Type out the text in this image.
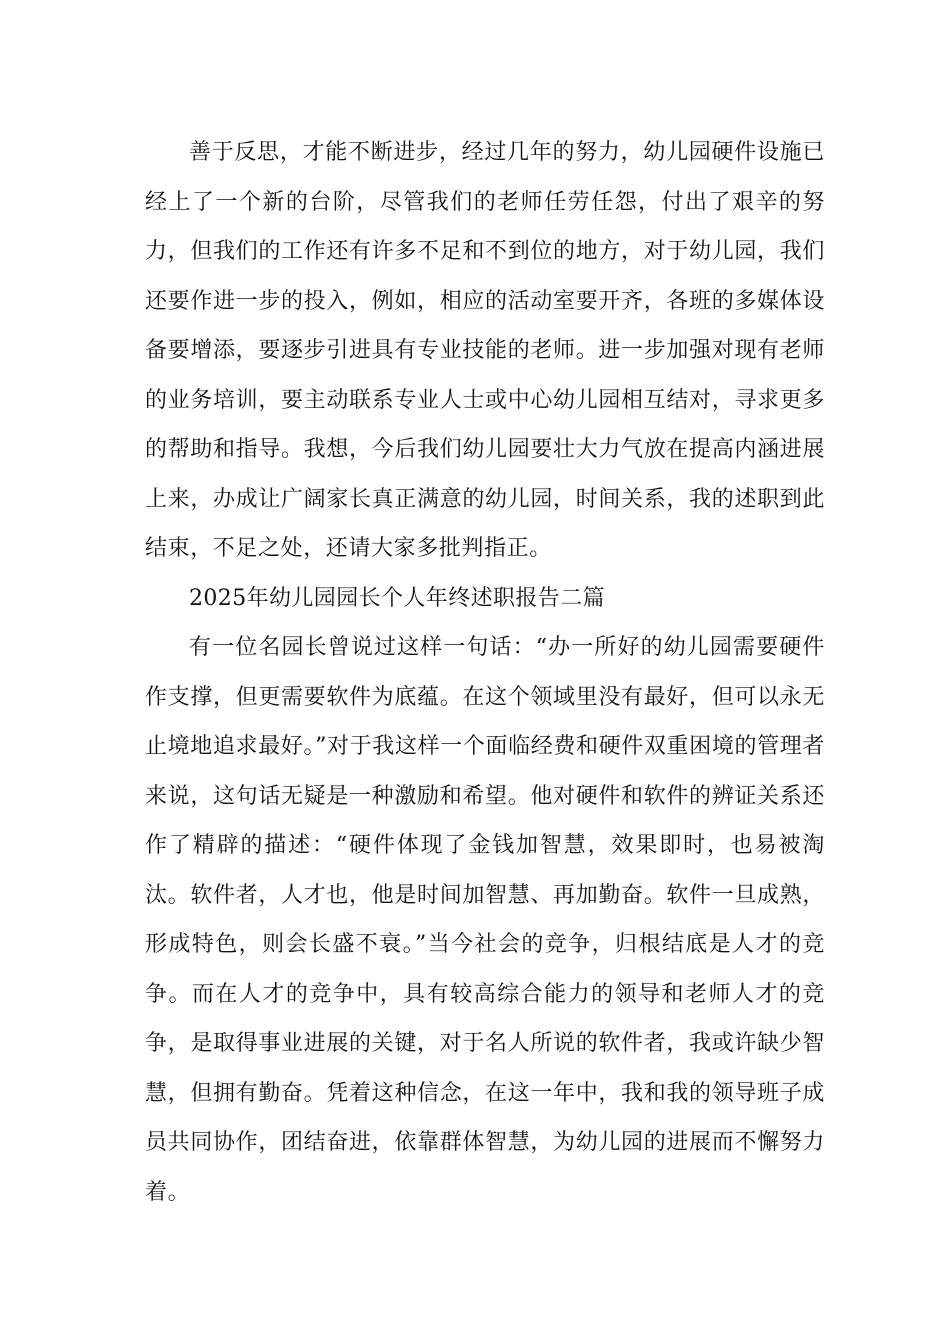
善于反思，才能不断进步，经过几年的努力，幼儿园硬件设施已经上了一个新的台阶，尽管我们的老师任劳任怨，付出了艰辛的努力，但我们的工作还有许多不足和不到位的地方，对于幼儿园，我们还要作进一步的投入，例如，相应的活动室要开齐，各班的多媒体设备要增添，要逐步引进具有专业技能的老师。进一步加强对现有老师的业务培训，要主动联系专业人士或中心幼儿园相互结对，寻求更多的帮助和指导。我想，今后我们幼儿园要壮大力气放在提高内涵进展上来，办成让广阔家长真正满意的幼儿园，时间关系，我的述职到此结束，不足之处，还请大家多批判指正。

2025年幼儿园园长个人年终述职报告二篇

有一位名园长曾说过这样一句话：“办一所好的幼儿园需要硬件作支撑，但更需要软件为底蕴。在这个领域里没有最好，但可以永无止境地追求最好。”对于我这样一个面临经费和硬件双重困境的管理者来说，这句话无疑是一种激励和希望。他对硬件和软件的辨证关系还作了精辟的描述：“硬件体现了金钱加智慧，效果即时，也易被淘汰。软件者，人才也，他是时间加智慧、再加勤奋。软件一旦成熟，形成特色，则会长盛不衰。”当今社会的竞争，归根结底是人才的竞争。而在人才的竞争中，具有较高综合能力的领导和老师人才的竞争，是取得事业进展的关键，对于名人所说的软件者，我或许缺少智慧，但拥有勤奋。凭着这种信念，在这一年中，我和我的领导班子成员共同协作，团结奋进，依靠群体智慧，为幼儿园的进展而不懈努力着。
